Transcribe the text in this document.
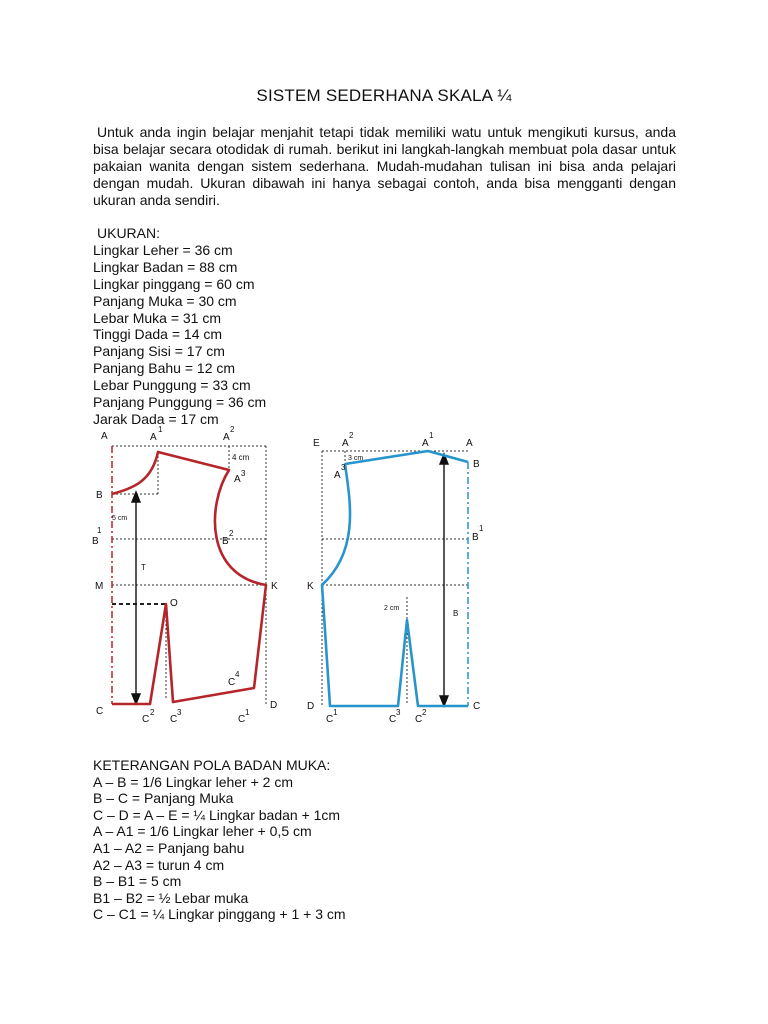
SISTEM SEDERHANA SKALA ¼

Untuk anda ingin belajar menjahit tetapi tidak memiliki watu untuk mengikuti kursus, anda bisa belajar secara otodidak di rumah. berikut ini langkah-langkah membuat pola dasar untuk pakaian wanita dengan sistem sederhana. Mudah-mudahan tulisan ini bisa anda pelajari dengan mudah. Ukuran dibawah ini hanya sebagai contoh, anda bisa mengganti dengan ukuran anda sendiri.

UKURAN:
Lingkar Leher = 36 cm
Lingkar Badan = 88 cm
Lingkar pinggang = 60 cm
Panjang Muka = 30 cm
Lebar Muka = 31 cm
Tinggi Dada = 14 cm
Panjang Sisi = 17 cm
Panjang Bahu = 12 cm
Lebar Punggung = 33 cm
Panjang Punggung = 36 cm
Jarak Dada = 17 cm
A	A
1
A
2
4 cm
A
3
B
5 cm
B
1
B
2
T
M	K
O
C
4
C
C
2
C
3
C
1
D
E A
2
A
1
A
3 cm
A
3	B
B
1
K
2 cm
B
D
C
1
C
3
C
2
C
KETERANGAN POLA BADAN MUKA:
A – B = 1/6 Lingkar leher + 2 cm
B – C = Panjang Muka
C – D = A – E = ¼ Lingkar badan + 1cm
A – A1 = 1/6 Lingkar leher + 0,5 cm
A1 – A2 = Panjang bahu
A2 – A3 = turun 4 cm
B – B1 = 5 cm
B1 – B2 = ½ Lebar muka
C – C1 = ¼ Lingkar pinggang + 1 + 3 cm
